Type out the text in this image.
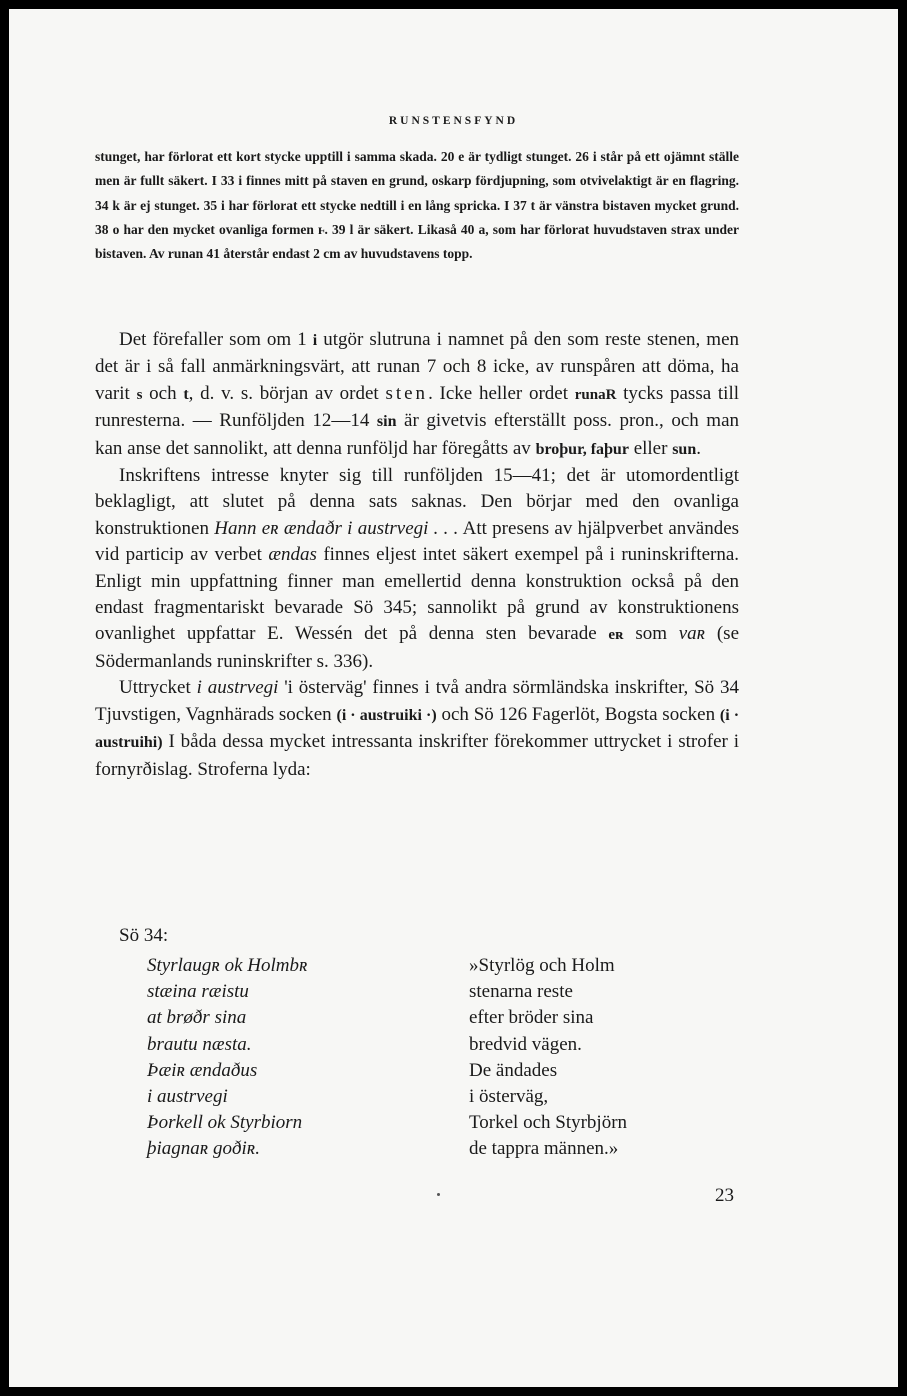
RUNSTENSFYND

stunget, har förlorat ett kort stycke upptill i samma skada. 20 e är tydligt stunget. 26 i står på ett ojämnt ställe men är fullt säkert. I 33 i finnes mitt på staven en grund, oskarp fördjupning, som otvivelaktigt är en flagring. 34 k är ej stunget. 35 i har förlorat ett stycke nedtill i en lång spricka. I 37 t är vänstra bistaven mycket grund. 38 o har den mycket ovanliga formen ⱶ. 39 l är säkert. Likaså 40 a, som har förlorat huvudstaven strax under bistaven. Av runan 41 återstår endast 2 cm av huvudstavens topp.

Det förefaller som om 1 i utgör slutruna i namnet på den som reste stenen, men det är i så fall anmärkningsvärt, att runan 7 och 8 icke, av runspåren att döma, ha varit s och t, d. v. s. början av ordet sten. Icke heller ordet runaR tycks passa till runresterna. — Runföljden 12—14 sin är givetvis efterställt poss. pron., och man kan anse det sannolikt, att denna runföljd har föregåtts av broþur, faþur eller sun.

Inskriftens intresse knyter sig till runföljden 15—41; det är utomordentligt beklagligt, att slutet på denna sats saknas. Den börjar med den ovanliga konstruktionen Hann eʀ ændaðr i austrvegi . . . Att presens av hjälpverbet användes vid particip av verbet ændas finnes eljest intet säkert exempel på i runinskrifterna. Enligt min uppfattning finner man emellertid denna konstruktion också på den endast fragmentariskt bevarade Sö 345; sannolikt på grund av konstruktionens ovanlighet uppfattar E. Wessén det på denna sten bevarade eʀ som vaʀ (se Södermanlands runinskrifter s. 336).

Uttrycket i austrvegi 'i österväg' finnes i två andra sörmländska inskrifter, Sö 34 Tjuvstigen, Vagnhärads socken (i · austruiki ·) och Sö 126 Fagerlöt, Bogsta socken (i · austruihi) I båda dessa mycket intressanta inskrifter förekommer uttrycket i strofer i fornyrðislag. Stroferna lyda:

Sö 34:
Styrlaugʀ ok Holmbʀ
stæina ræistu
at brøðr sina
brautu næsta.
Þæiʀ ændaðus
i austrvegi
Þorkell ok Styrbiorn
þiagnaʀ goðiʀ.
»Styrlög och Holm
stenarna reste
efter bröder sina
bredvid vägen.
De ändades
i österväg,
Torkel och Styrbjörn
de tappra männen.»
23
